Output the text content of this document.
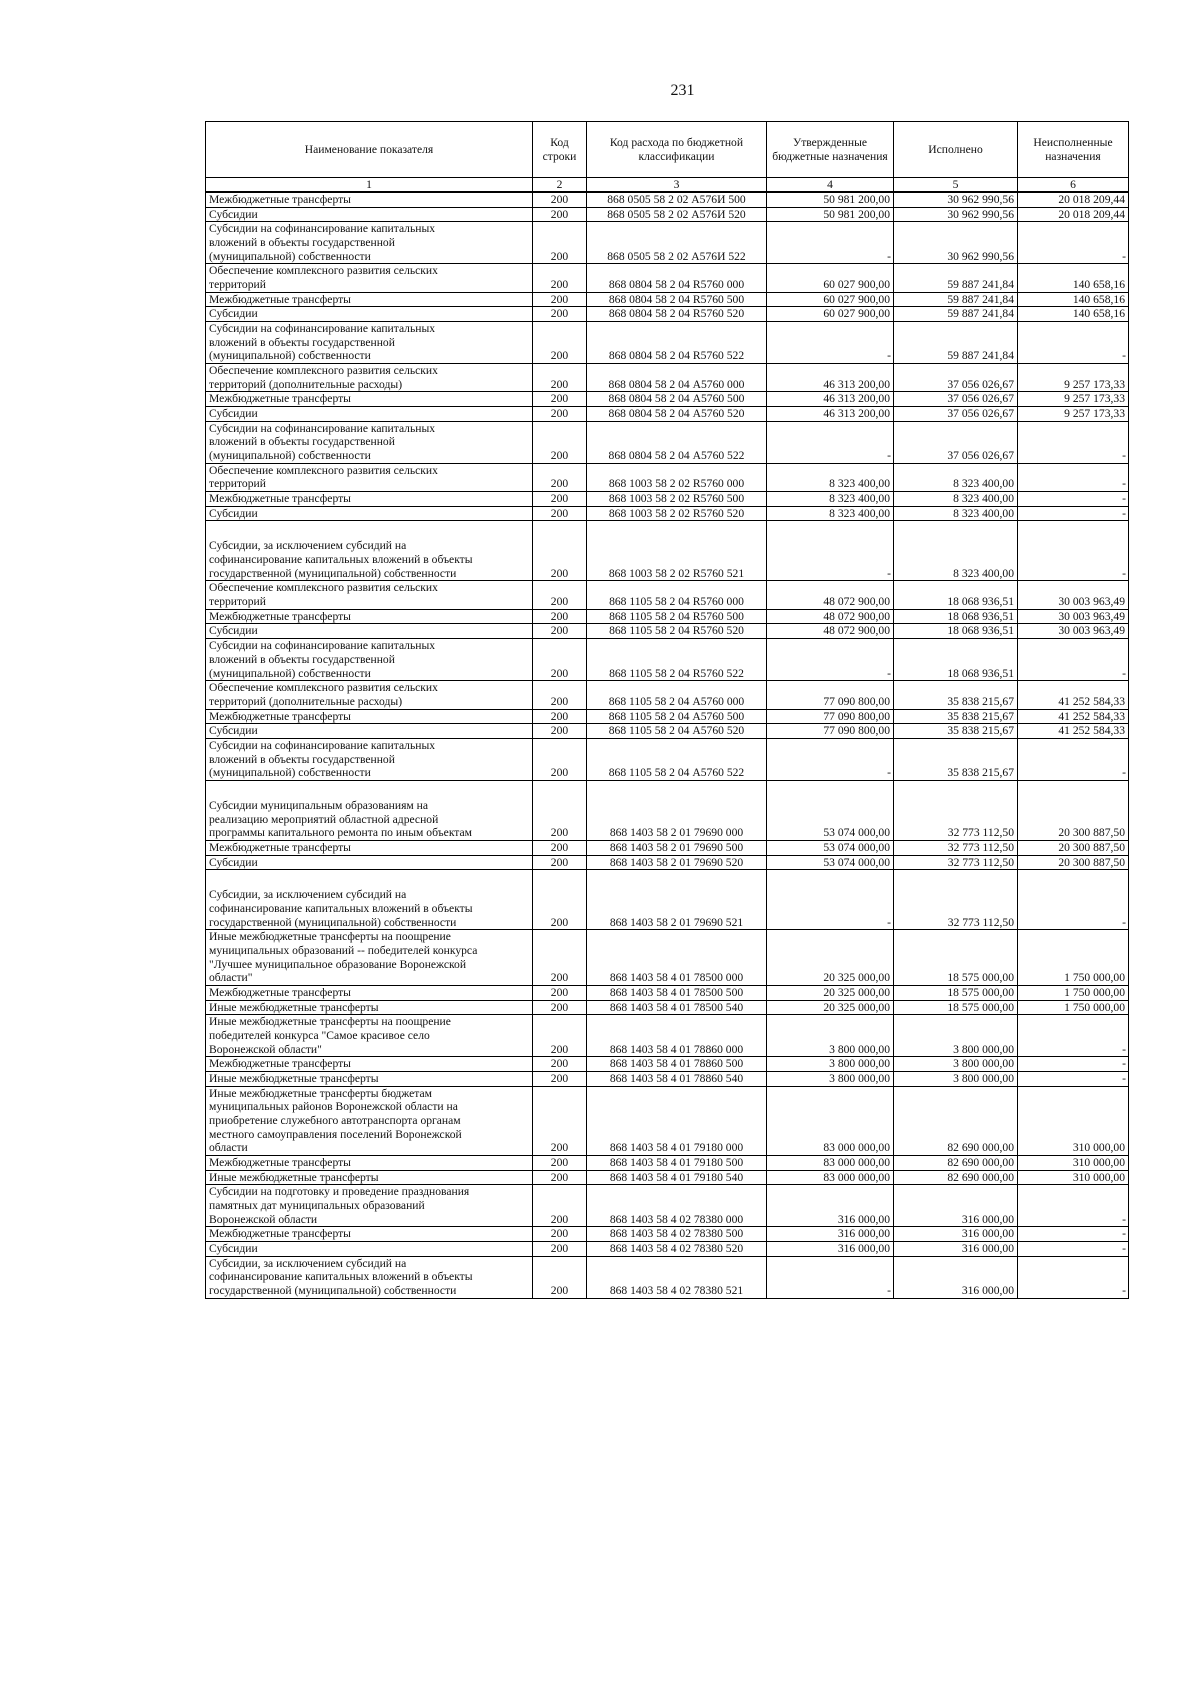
231
Наименование показателя	Код строки	Код расхода по бюджетной классификации	Утвержденные бюджетные назначения	Исполнено	Неисполненные назначения
1	2	3	4	5	6
Межбюджетные трансферты	200	868 0505 58 2 02 А576И 500	50 981 200,00	30 962 990,56	20 018 209,44
Субсидии	200	868 0505 58 2 02 А576И 520	50 981 200,00	30 962 990,56	20 018 209,44
Субсидии на софинансирование капитальных
вложений в объекты государственной
(муниципальной) собственности	200	868 0505 58 2 02 А576И 522	-	30 962 990,56	-
Обеспечение комплексного развития сельских
территорий	200	868 0804 58 2 04 R5760 000	60 027 900,00	59 887 241,84	140 658,16
Межбюджетные трансферты	200	868 0804 58 2 04 R5760 500	60 027 900,00	59 887 241,84	140 658,16
Субсидии	200	868 0804 58 2 04 R5760 520	60 027 900,00	59 887 241,84	140 658,16
Субсидии на софинансирование капитальных
вложений в объекты государственной
(муниципальной) собственности	200	868 0804 58 2 04 R5760 522	-	59 887 241,84	-
Обеспечение комплексного развития сельских
территорий (дополнительные расходы)	200	868 0804 58 2 04 А5760 000	46 313 200,00	37 056 026,67	9 257 173,33
Межбюджетные трансферты	200	868 0804 58 2 04 А5760 500	46 313 200,00	37 056 026,67	9 257 173,33
Субсидии	200	868 0804 58 2 04 А5760 520	46 313 200,00	37 056 026,67	9 257 173,33
Субсидии на софинансирование капитальных
вложений в объекты государственной
(муниципальной) собственности	200	868 0804 58 2 04 А5760 522	-	37 056 026,67	-
Обеспечение комплексного развития сельских
территорий	200	868 1003 58 2 02 R5760 000	8 323 400,00	8 323 400,00	-
Межбюджетные трансферты	200	868 1003 58 2 02 R5760 500	8 323 400,00	8 323 400,00	-
Субсидии	200	868 1003 58 2 02 R5760 520	8 323 400,00	8 323 400,00	-
Субсидии, за исключением субсидий на
софинансирование капитальных вложений в объекты
государственной (муниципальной) собственности	200	868 1003 58 2 02 R5760 521	-	8 323 400,00	-
Обеспечение комплексного развития сельских
территорий	200	868 1105 58 2 04 R5760 000	48 072 900,00	18 068 936,51	30 003 963,49
Межбюджетные трансферты	200	868 1105 58 2 04 R5760 500	48 072 900,00	18 068 936,51	30 003 963,49
Субсидии	200	868 1105 58 2 04 R5760 520	48 072 900,00	18 068 936,51	30 003 963,49
Субсидии на софинансирование капитальных
вложений в объекты государственной
(муниципальной) собственности	200	868 1105 58 2 04 R5760 522	-	18 068 936,51	-
Обеспечение комплексного развития сельских
территорий (дополнительные расходы)	200	868 1105 58 2 04 А5760 000	77 090 800,00	35 838 215,67	41 252 584,33
Межбюджетные трансферты	200	868 1105 58 2 04 А5760 500	77 090 800,00	35 838 215,67	41 252 584,33
Субсидии	200	868 1105 58 2 04 А5760 520	77 090 800,00	35 838 215,67	41 252 584,33
Субсидии на софинансирование капитальных
вложений в объекты государственной
(муниципальной) собственности	200	868 1105 58 2 04 А5760 522	-	35 838 215,67	-
Субсидии муниципальным образованиям на
реализацию мероприятий областной адресной
программы капитального ремонта по иным объектам	200	868 1403 58 2 01 79690 000	53 074 000,00	32 773 112,50	20 300 887,50
Межбюджетные трансферты	200	868 1403 58 2 01 79690 500	53 074 000,00	32 773 112,50	20 300 887,50
Субсидии	200	868 1403 58 2 01 79690 520	53 074 000,00	32 773 112,50	20 300 887,50
Субсидии, за исключением субсидий на
софинансирование капитальных вложений в объекты
государственной (муниципальной) собственности	200	868 1403 58 2 01 79690 521	-	32 773 112,50	-
Иные межбюджетные трансферты на поощрение
муниципальных образований -- победителей конкурса
"Лучшее муниципальное образование Воронежской
области"	200	868 1403 58 4 01 78500 000	20 325 000,00	18 575 000,00	1 750 000,00
Межбюджетные трансферты	200	868 1403 58 4 01 78500 500	20 325 000,00	18 575 000,00	1 750 000,00
Иные межбюджетные трансферты	200	868 1403 58 4 01 78500 540	20 325 000,00	18 575 000,00	1 750 000,00
Иные межбюджетные трансферты на поощрение
победителей конкурса "Самое красивое село
Воронежской области"	200	868 1403 58 4 01 78860 000	3 800 000,00	3 800 000,00	-
Межбюджетные трансферты	200	868 1403 58 4 01 78860 500	3 800 000,00	3 800 000,00	-
Иные межбюджетные трансферты	200	868 1403 58 4 01 78860 540	3 800 000,00	3 800 000,00	-
Иные межбюджетные трансферты бюджетам
муниципальных районов Воронежской области на
приобретение служебного автотранспорта органам
местного самоуправления поселений Воронежской
области	200	868 1403 58 4 01 79180 000	83 000 000,00	82 690 000,00	310 000,00
Межбюджетные трансферты	200	868 1403 58 4 01 79180 500	83 000 000,00	82 690 000,00	310 000,00
Иные межбюджетные трансферты	200	868 1403 58 4 01 79180 540	83 000 000,00	82 690 000,00	310 000,00
Субсидии на подготовку и проведение празднования
памятных дат муниципальных образований
Воронежской области	200	868 1403 58 4 02 78380 000	316 000,00	316 000,00	-
Межбюджетные трансферты	200	868 1403 58 4 02 78380 500	316 000,00	316 000,00	-
Субсидии	200	868 1403 58 4 02 78380 520	316 000,00	316 000,00	-
Субсидии, за исключением субсидий на
софинансирование капитальных вложений в объекты
государственной (муниципальной) собственности	200	868 1403 58 4 02 78380 521	-	316 000,00	-
